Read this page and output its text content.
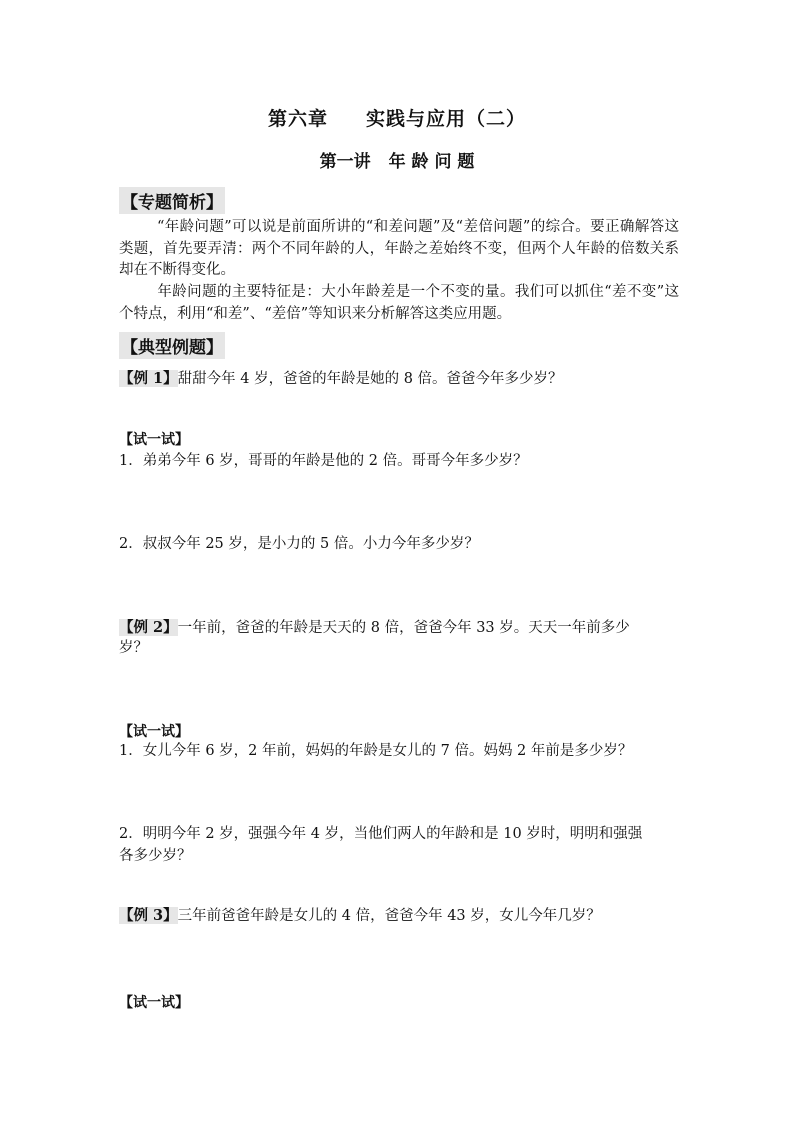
第六章 实践与应用（二）
第一讲 年 龄 问 题
【专题简析】
“年龄问题”可以说是前面所讲的“和差问题”及“差倍问题”的综合。要正确解答这类题，首先要弄清：两个不同年龄的人，年龄之差始终不变，但两个人年龄的倍数关系却在不断得变化。
年龄问题的主要特征是：大小年龄差是一个不变的量。我们可以抓住“差不变”这个特点，利用“和差”、“差倍”等知识来分析解答这类应用题。
【典型例题】
【例 1】甜甜今年 4 岁，爸爸的年龄是她的 8 倍。爸爸今年多少岁？
【试一试】
1．弟弟今年 6 岁，哥哥的年龄是他的 2 倍。哥哥今年多少岁？
2．叔叔今年 25 岁，是小力的 5 倍。小力今年多少岁？
【例 2】一年前，爸爸的年龄是天天的 8 倍，爸爸今年 33 岁。天天一年前多少
岁？
【试一试】
1．女儿今年 6 岁，2 年前，妈妈的年龄是女儿的 7 倍。妈妈 2 年前是多少岁？
2．明明今年 2 岁，强强今年 4 岁，当他们两人的年龄和是 10 岁时，明明和强强
各多少岁？
【例 3】三年前爸爸年龄是女儿的 4 倍，爸爸今年 43 岁，女儿今年几岁？
【试一试】
